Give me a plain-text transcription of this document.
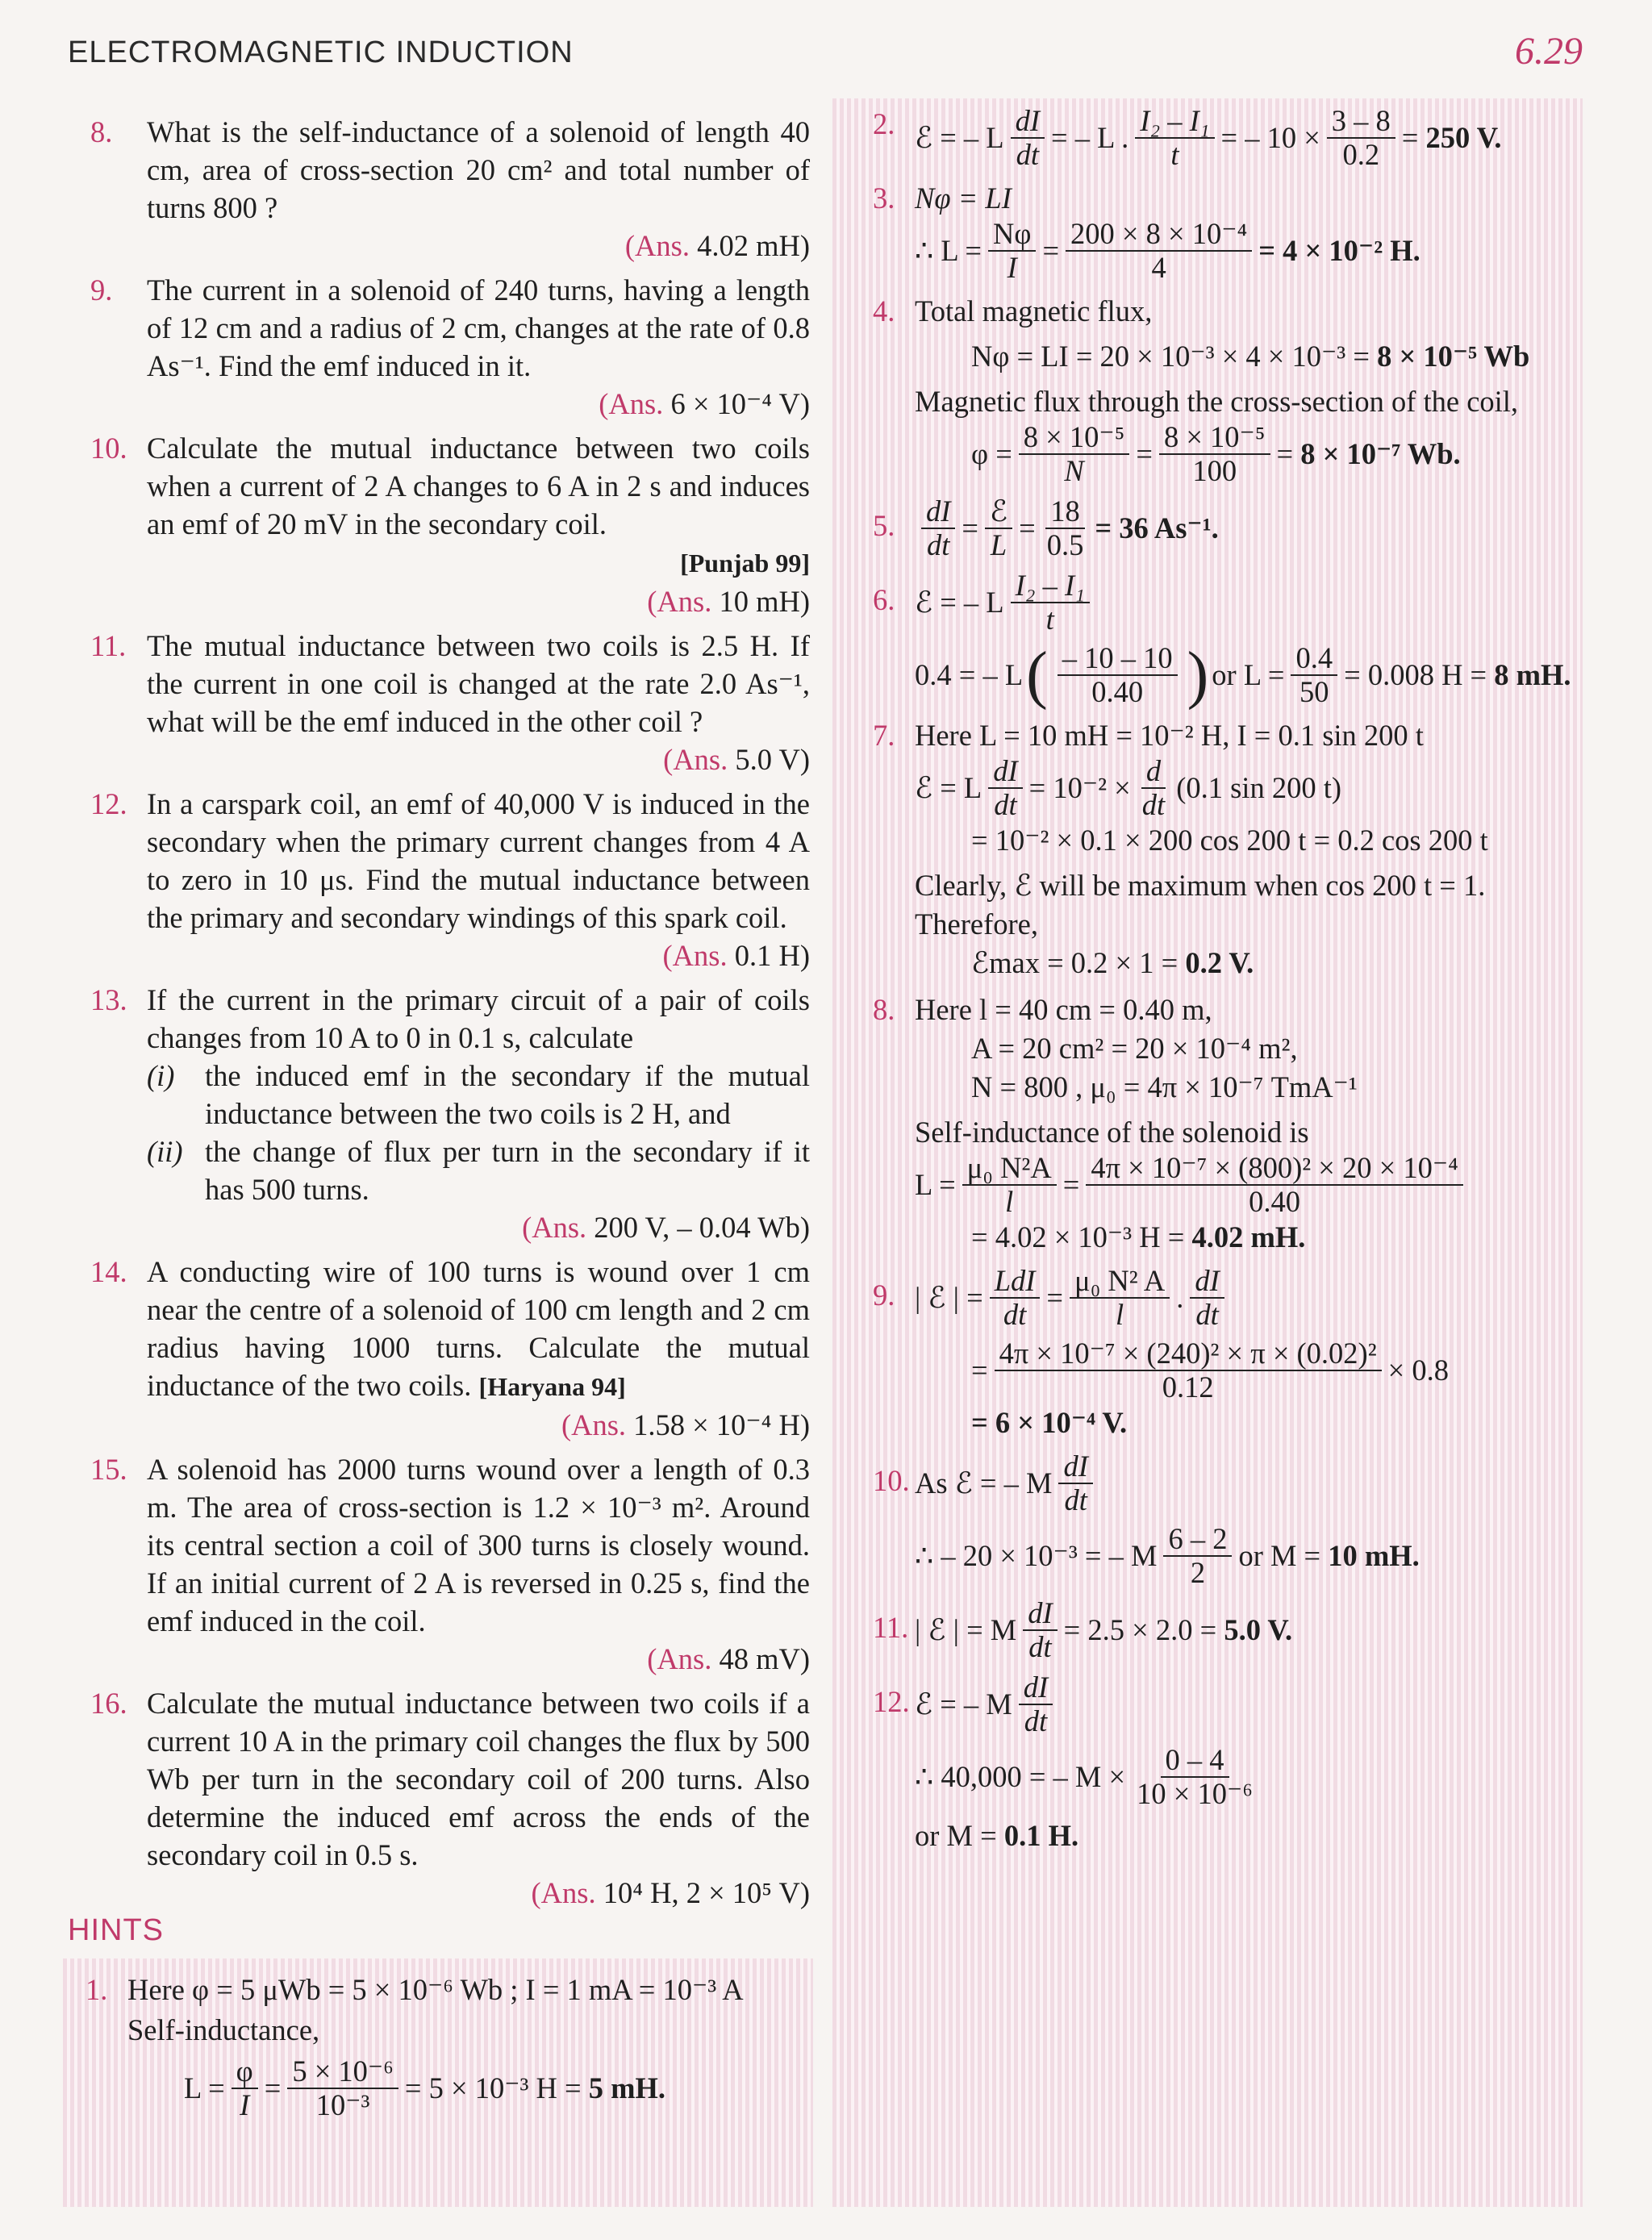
ELECTROMAGNETIC INDUCTION	6.29
8. What is the self-inductance of a solenoid of length 40 cm, area of cross-section 20 cm² and total number of turns 800 ?
(Ans. 4.02 mH)
9. The current in a solenoid of 240 turns, having a length of 12 cm and a radius of 2 cm, changes at the rate of 0.8 As⁻¹. Find the emf induced in it.
(Ans. 6 × 10⁻⁴ V)
10. Calculate the mutual inductance between two coils when a current of 2 A changes to 6 A in 2 s and induces an emf of 20 mV in the secondary coil.
[Punjab 99]
(Ans. 10 mH)
11. The mutual inductance between two coils is 2.5 H. If the current in one coil is changed at the rate 2.0 As⁻¹, what will be the emf induced in the other coil ?
(Ans. 5.0 V)
12. In a carspark coil, an emf of 40,000 V is induced in the secondary when the primary current changes from 4 A to zero in 10 μs. Find the mutual inductance between the primary and secondary windings of this spark coil.
(Ans. 0.1 H)
13. If the current in the primary circuit of a pair of coils changes from 10 A to 0 in 0.1 s, calculate
(i) the induced emf in the secondary if the mutual inductance between the two coils is 2 H, and
(ii) the change of flux per turn in the secondary if it has 500 turns.
(Ans. 200 V, – 0.04 Wb)
14. A conducting wire of 100 turns is wound over 1 cm near the centre of a solenoid of 100 cm length and 2 cm radius having 1000 turns. Calculate the mutual inductance of the two coils. [Haryana 94]
(Ans. 1.58 × 10⁻⁴ H)
15. A solenoid has 2000 turns wound over a length of 0.3 m. The area of cross-section is 1.2 × 10⁻³ m². Around its central section a coil of 300 turns is closely wound. If an initial current of 2 A is reversed in 0.25 s, find the emf induced in the coil.
(Ans. 48 mV)
16. Calculate the mutual inductance between two coils if a current 10 A in the primary coil changes the flux by 500 Wb per turn in the secondary coil of 200 turns. Also determine the induced emf across the ends of the secondary coil in 0.5 s.
(Ans. 10⁴ H, 2 × 10⁵ V)
HINTS
1. Here φ = 5 μWb = 5 × 10⁻⁶ Wb ; I = 1 mA = 10⁻³ A
Self-inductance,
$L = \frac{\varphi}{I} = \frac{\text{5 × 10⁻⁶}}{\text{10⁻³}} = 5 \times 10^{-3}$ H =
5 mH.
2. ℰ = – L $\frac{dI}{dt}$ = – L . $\frac{\text{I₂ – I₁}}{t}$ = – $10 \times \frac{3 - 8}{0.2}$ =
250 V.
3. Nφ = LI
∴ $L = \frac{N\varphi}{I} = \frac{\text{200 × 8 × 10⁻⁴}}{4} = 4 \times 10^{-2}$ H.
4. Total magnetic flux,
Nφ = LI = 20 × 10⁻³ × 4 × 10⁻³ = 8 × 10⁻⁵ Wb
Magnetic flux through the cross-section of the coil,
$\varphi = \frac{\text{8 × 10⁻⁵}}{N} = \frac{\text{8 × 10⁻⁵}}{100}$ =
8 × 10⁻⁷ Wb.
5. $\frac{dI}{dt} = \frac{\text{ℰ}}{L} = \frac{18}{0.5} = 36$ As⁻¹.
6. ℰ = – L $\frac{\text{I₂ – I₁}}{t}$
0.4 = – L ( $\frac{- 10 - 10}{0.40}$ ) or $L = \frac{0.4}{50} = 0.008$ H =
8 mH.
7. Here L = 10 mH = 10⁻² H, I = 0.1 sin 200 t
ℰ = L $\frac{dI}{dt} = 10^{-2} \times \frac{d}{dt} (0.1$ sin 200 t)
= 10⁻² × 0.1 × 200 cos 200 t = 0.2 cos 200 t
Clearly, ℰ will be maximum when cos 200 t = 1.
Therefore,
ℰmax = 0.2 × 1 = 0.2 V.
8. Here l = 40 cm = 0.40 m,
A = 20 cm² = 20 × 10⁻⁴ m²,
N = 800 , μ₀ = 4π × 10⁻⁷ TmA⁻¹
Self-inductance of the solenoid is
$L = \frac{\text{μ₀ N²A}}{l} = \frac{\text{4π × 10⁻⁷ × (800)² × 20 × 10⁻⁴}}{0.40}$
= 4.02 × 10⁻³ H = 4.02 mH.
9. | ℰ | = $\frac{\text{LdI}}{dt} = \frac{\text{μ₀ N² A}}{l}$ . $\frac{dI}{dt}$
= $\frac{\text{4π × 10⁻⁷ × (240)² × π × (0.02)²}}{0.12} \times 0.8$
= 6 × 10⁻⁴ V.
10. As ℰ = – M $\frac{dI}{dt}$
∴ – 20 × 10⁻³ = – M $\frac{6 - 2}{2}$ or M =
10 mH.
11. | ℰ | = M $\frac{dI}{dt} = 2.5 \times 2.0$ =
5.0 V.
12. ℰ = – M $\frac{dI}{dt}$
∴ 40,000 = – $M \times \frac{0 - 4}{\text{10 × 10⁻⁶}}$
or M =
0.1 H.
